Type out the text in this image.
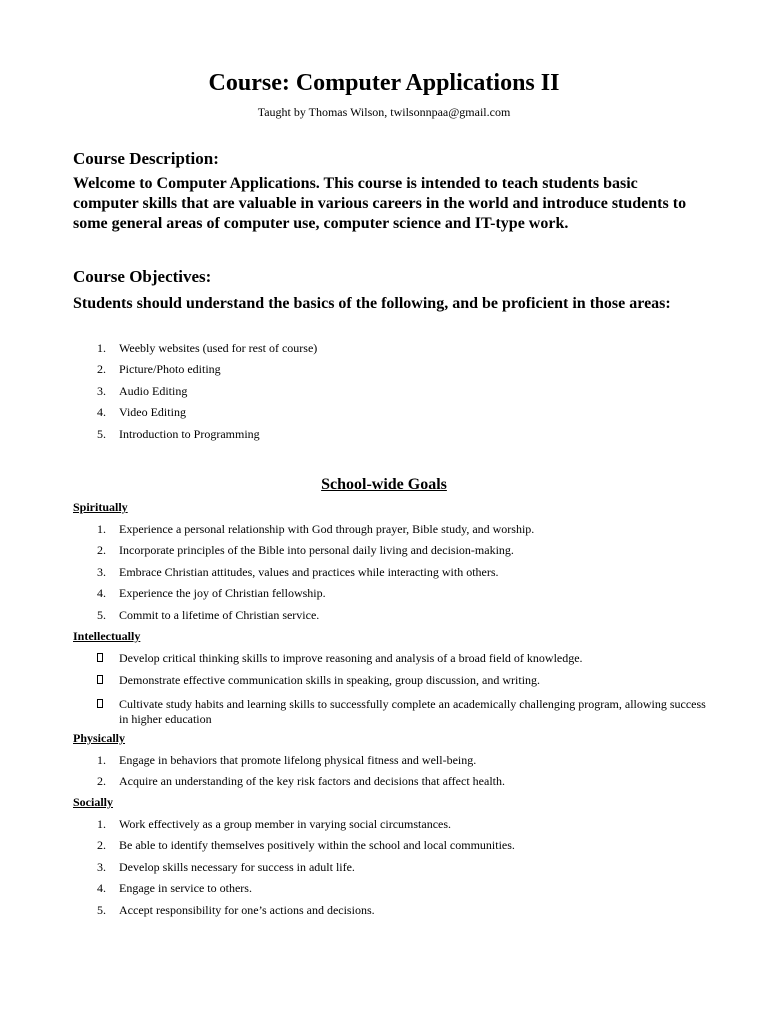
Course: Computer Applications II
Taught by Thomas Wilson, twilsonnpaa@gmail.com
Course Description:
Welcome to Computer Applications. This course is intended to teach students basic computer skills that are valuable in various careers in the world and introduce students to some general areas of computer use, computer science and IT-type work.
Course Objectives:
Students should understand the basics of the following, and be proficient in those areas:
1. Weebly websites (used for rest of course)
2. Picture/Photo editing
3. Audio Editing
4. Video Editing
5. Introduction to Programming
School-wide Goals
Spiritually
1. Experience a personal relationship with God through prayer, Bible study, and worship.
2. Incorporate principles of the Bible into personal daily living and decision-making.
3. Embrace Christian attitudes, values and practices while interacting with others.
4. Experience the joy of Christian fellowship.
5. Commit to a lifetime of Christian service.
Intellectually
Develop critical thinking skills to improve reasoning and analysis of a broad field of knowledge.
Demonstrate effective communication skills in speaking, group discussion, and writing.
Cultivate study habits and learning skills to successfully complete an academically challenging program, allowing success in higher education
Physically
1. Engage in behaviors that promote lifelong physical fitness and well-being.
2. Acquire an understanding of the key risk factors and decisions that affect health.
Socially
1. Work effectively as a group member in varying social circumstances.
2. Be able to identify themselves positively within the school and local communities.
3. Develop skills necessary for success in adult life.
4. Engage in service to others.
5. Accept responsibility for one’s actions and decisions.
